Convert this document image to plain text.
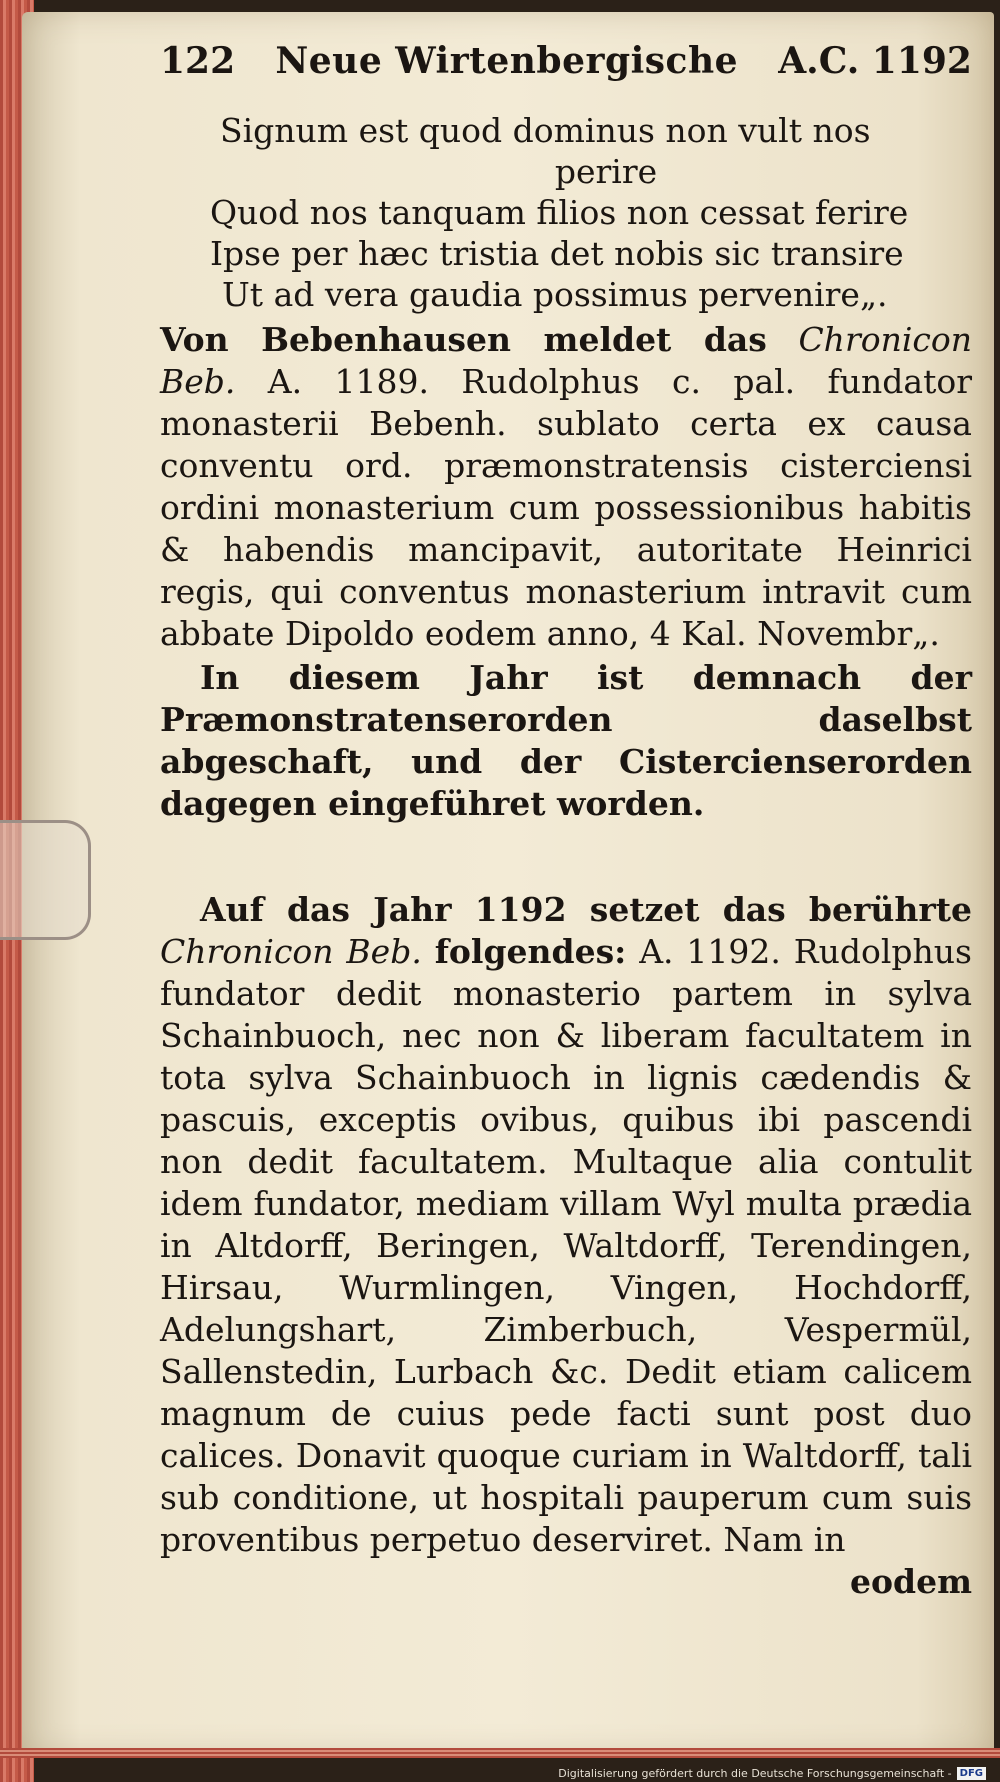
122 Neue Wirtenbergische A.C. 1192
Signum est quod dominus non vult nos
perire
Quod nos tanquam filios non cessat ferire
Ipse per hæc tristia det nobis sic transire
Ut ad vera gaudia possimus pervenire„.

Von Bebenhausen meldet das Chronicon Beb. A. 1189. Rudolphus c. pal. fundator monasterii Bebenh. sublato certa ex causa conventu ord. præmonstratensis cisterciensi ordini monasterium cum possessionibus habitis & habendis mancipavit, autoritate Heinrici regis, qui conventus monasterium intravit cum abbate Dipoldo eodem anno, 4 Kal. Novembr„.

In diesem Jahr ist demnach der Præmonstratenserorden daselbst abgeschaft, und der Cistercienserorden dagegen eingeführet worden.

Auf das Jahr 1192 setzet das berührte Chronicon Beb. folgendes: A. 1192. Rudolphus fundator dedit monasterio partem in sylva Schainbuoch, nec non & liberam facultatem in tota sylva Schainbuoch in lignis cædendis & pascuis, exceptis ovibus, quibus ibi pascendi non dedit facultatem. Multaque alia contulit idem fundator, mediam villam Wyl multa prædia in Altdorff, Beringen, Waltdorff, Terendingen, Hirsau, Wurmlingen, Vingen, Hochdorff, Adelungshart, Zimberbuch, Vespermül, Sallenstedin, Lurbach &c. Dedit etiam calicem magnum de cuius pede facti sunt post duo calices. Donavit quoque curiam in Waltdorff, tali sub conditione, ut hospitali pauperum cum suis proventibus perpetuo deserviret. Nam in

eodem
Digitalisierung gefördert durch die Deutsche Forschungsgemeinschaft - DFG
